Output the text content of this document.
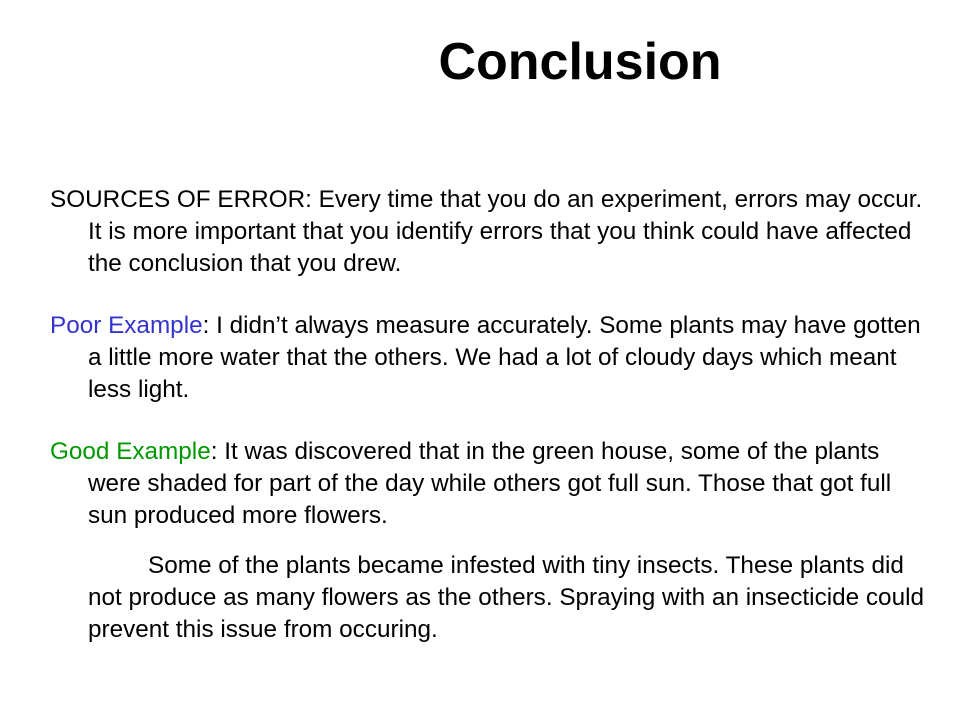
Conclusion

SOURCES OF ERROR: Every time that you do an experiment, errors may occur. It is more important that you identify errors that you think could have affected the conclusion that you drew.

Poor Example: I didn’t always measure accurately. Some plants may have gotten a little more water that the others. We had a lot of cloudy days which meant less light.

Good Example: It was discovered that in the green house, some of the plants were shaded for part of the day while others got full sun. Those that got full sun produced more flowers.

Some of the plants became infested with tiny insects. These plants did not produce as many flowers as the others. Spraying with an insecticide could prevent this issue from occuring.
